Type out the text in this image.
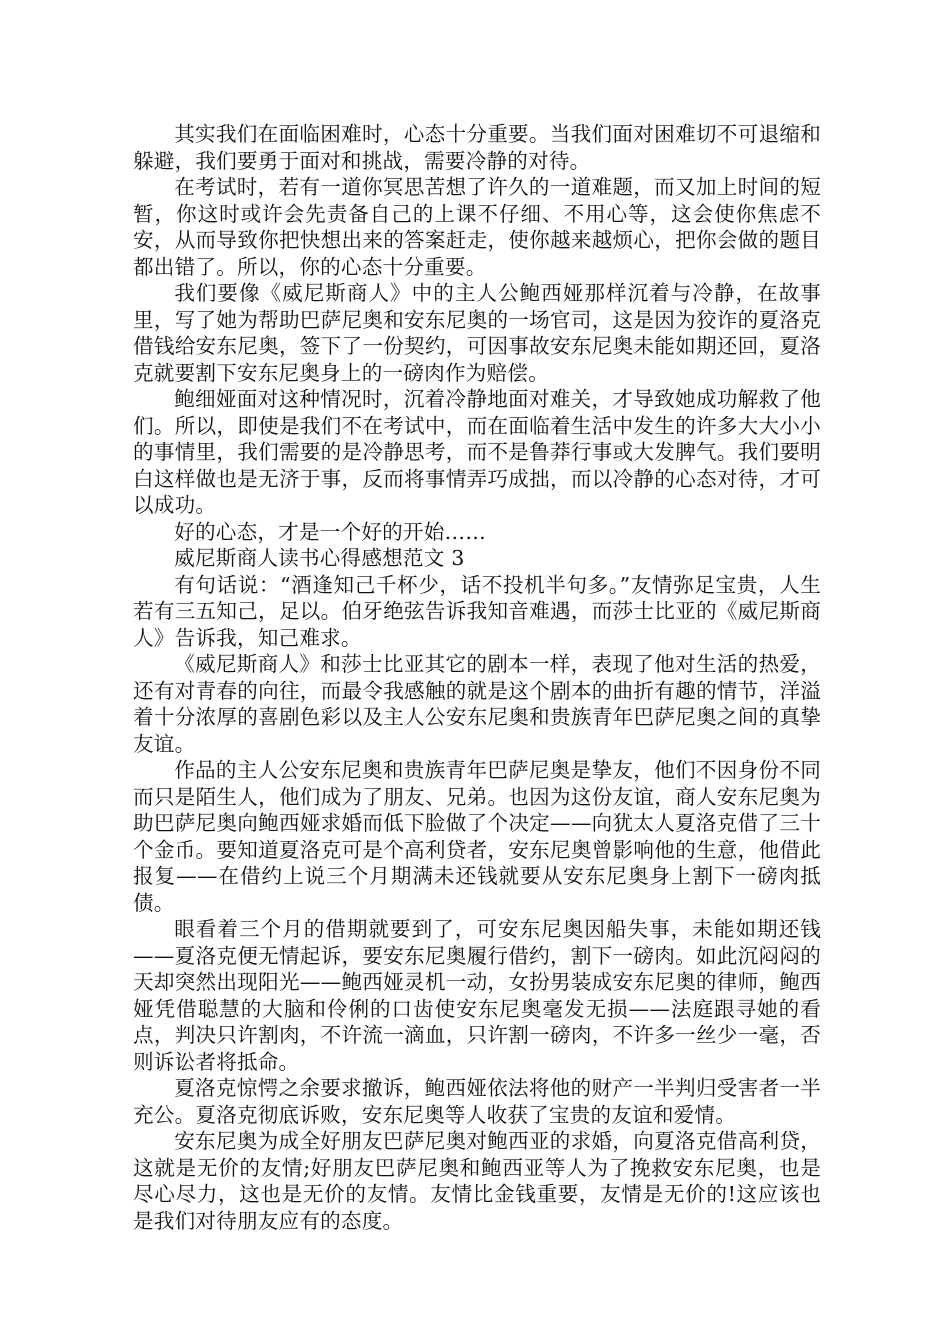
其实我们在面临困难时，心态十分重要。当我们面对困难切不可退缩和躲避，我们要勇于面对和挑战，需要冷静的对待。

在考试时，若有一道你冥思苦想了许久的一道难题，而又加上时间的短暂，你这时或许会先责备自己的上课不仔细、不用心等，这会使你焦虑不安，从而导致你把快想出来的答案赶走，使你越来越烦心，把你会做的题目都出错了。所以，你的心态十分重要。

我们要像《威尼斯商人》中的主人公鲍西娅那样沉着与冷静，在故事里，写了她为帮助巴萨尼奥和安东尼奥的一场官司，这是因为狡诈的夏洛克借钱给安东尼奥，签下了一份契约，可因事故安东尼奥未能如期还回，夏洛克就要割下安东尼奥身上的一磅肉作为赔偿。

鲍细娅面对这种情况时，沉着冷静地面对难关，才导致她成功解救了他们。所以，即使是我们不在考试中，而在面临着生活中发生的许多大大小小的事情里，我们需要的是冷静思考，而不是鲁莽行事或大发脾气。我们要明白这样做也是无济于事，反而将事情弄巧成拙，而以冷静的心态对待，才可以成功。

好的心态，才是一个好的开始……

威尼斯商人读书心得感想范文 3

有句话说：“酒逢知己千杯少，话不投机半句多。”友情弥足宝贵，人生若有三五知己，足以。伯牙绝弦告诉我知音难遇，而莎士比亚的《威尼斯商人》告诉我，知己难求。

《威尼斯商人》和莎士比亚其它的剧本一样，表现了他对生活的热爱，还有对青春的向往，而最令我感触的就是这个剧本的曲折有趣的情节，洋溢着十分浓厚的喜剧色彩以及主人公安东尼奥和贵族青年巴萨尼奥之间的真挚友谊。

作品的主人公安东尼奥和贵族青年巴萨尼奥是挚友，他们不因身份不同而只是陌生人，他们成为了朋友、兄弟。也因为这份友谊，商人安东尼奥为助巴萨尼奥向鲍西娅求婚而低下脸做了个决定——向犹太人夏洛克借了三十个金币。要知道夏洛克可是个高利贷者，安东尼奥曾影响他的生意，他借此报复——在借约上说三个月期满未还钱就要从安东尼奥身上割下一磅肉抵债。

眼看着三个月的借期就要到了，可安东尼奥因船失事，未能如期还钱——夏洛克便无情起诉，要安东尼奥履行借约，割下一磅肉。如此沉闷闷的天却突然出现阳光——鲍西娅灵机一动，女扮男装成安东尼奥的律师，鲍西娅凭借聪慧的大脑和伶俐的口齿使安东尼奥毫发无损——法庭跟寻她的看点，判决只许割肉，不许流一滴血，只许割一磅肉，不许多一丝少一毫，否则诉讼者将抵命。

夏洛克惊愕之余要求撤诉，鲍西娅依法将他的财产一半判归受害者一半充公。夏洛克彻底诉败，安东尼奥等人收获了宝贵的友谊和爱情。

安东尼奥为成全好朋友巴萨尼奥对鲍西亚的求婚，向夏洛克借高利贷，这就是无价的友情;好朋友巴萨尼奥和鲍西亚等人为了挽救安东尼奥，也是尽心尽力，这也是无价的友情。友情比金钱重要，友情是无价的!这应该也是我们对待朋友应有的态度。
